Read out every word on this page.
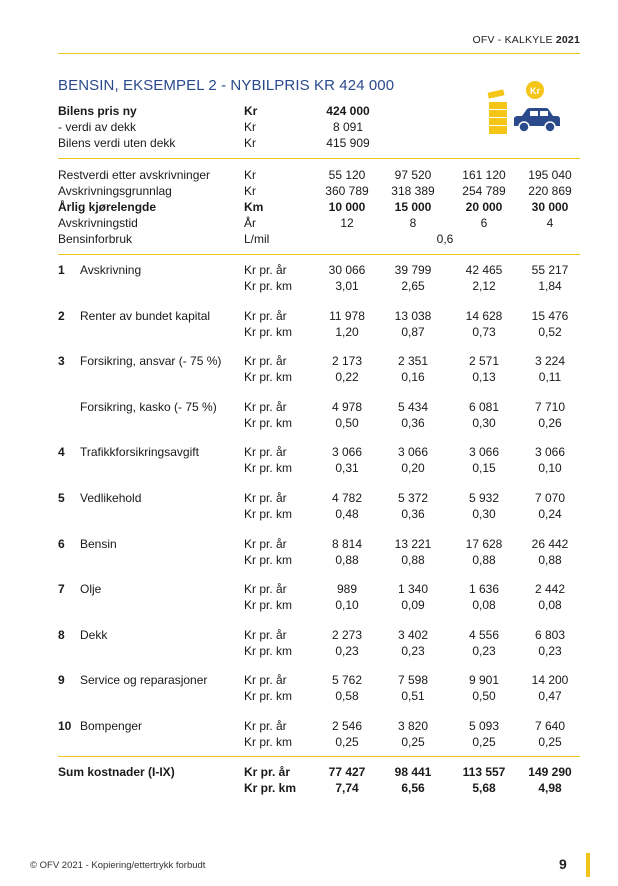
OFV - KALKYLE 2021
BENSIN, EKSEMPEL 2 - NYBILPRIS KR 424 000	Kr
Bilens pris ny	Kr	424 000
- verdi av dekk	Kr	8 091
Bilens verdi uten dekk	Kr	415 909
Restverdi etter avskrivninger	Kr	55 120	97 520	161 120	195 040
Avskrivningsgrunnlag	Kr	360 789	318 389	254 789	220 869
Årlig kjørelengde	Km	10 000	15 000	20 000	30 000
Avskrivningstid	År	12	8	6	4
Bensinforbruk	L/mil	0,6
1 Avskrivning	Kr pr. år	30 066	39 799	42 465	55 217
Kr pr. km	3,01	2,65	2,12	1,84
2 Renter av bundet kapital	Kr pr. år	11 978	13 038	14 628	15 476
Kr pr. km	1,20	0,87	0,73	0,52
3 Forsikring, ansvar (- 75 %) Kr pr. år	2 173	2 351	2 571	3 224
Kr pr. km	0,22	0,16	0,13	0,11
Forsikring, kasko (- 75 %) Kr pr. år	4 978	5 434	6 081	7 710
Kr pr. km	0,50	0,36	0,30	0,26
4 Trafikkforsikringsavgift	Kr pr. år	3 066	3 066	3 066	3 066
Kr pr. km	0,31	0,20	0,15	0,10
5 Vedlikehold	Kr pr. år	4 782	5 372	5 932	7 070
Kr pr. km	0,48	0,36	0,30	0,24
6 Bensin	Kr pr. år	8 814	13 221	17 628	26 442
Kr pr. km	0,88	0,88	0,88	0,88
7 Olje	Kr pr. år	989	1 340	1 636	2 442
Kr pr. km	0,10	0,09	0,08	0,08
8 Dekk	Kr pr. år	2 273	3 402	4 556	6 803
Kr pr. km	0,23	0,23	0,23	0,23
9 Service og reparasjoner	Kr pr. år	5 762	7 598	9 901	14 200
Kr pr. km	0,58	0,51	0,50	0,47
10 Bompenger	Kr pr. år	2 546	3 820	5 093	7 640
Kr pr. km	0,25	0,25	0,25	0,25
Sum kostnader (I-IX)	Kr pr. år	77 427	98 441	113 557	149 290
Kr pr. km	7,74	6,56	5,68	4,98
© OFV 2021 - Kopiering/ettertrykk forbudt	9
